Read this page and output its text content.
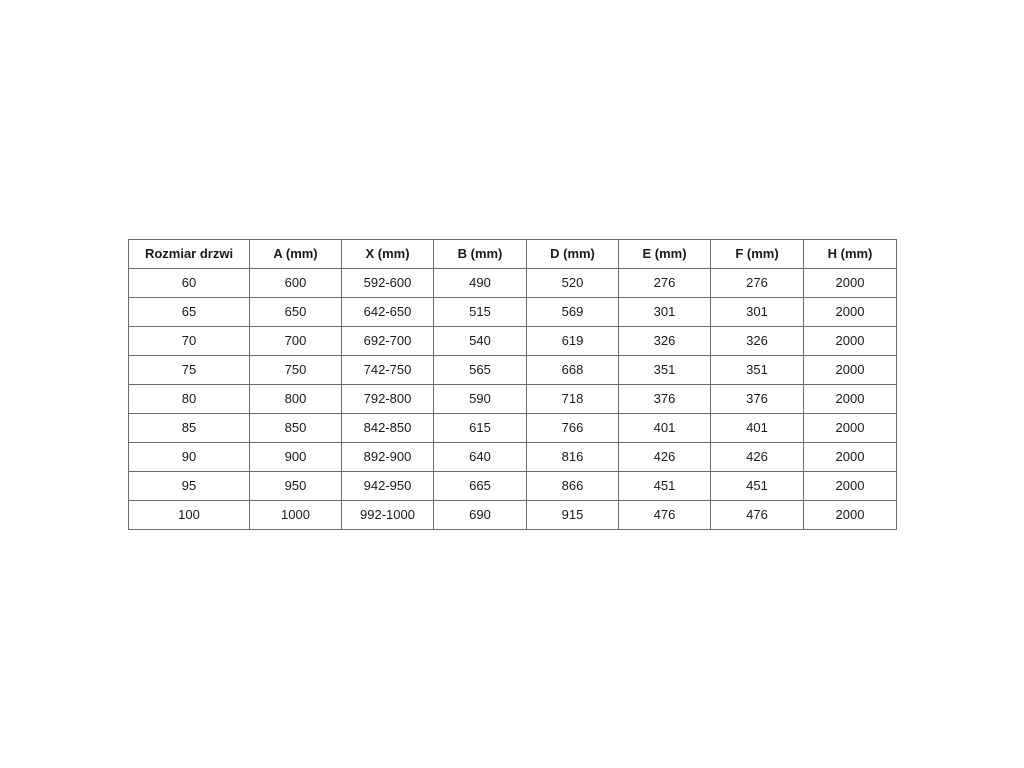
Rozmiar drzwi	A (mm)	X (mm)	B (mm)	D (mm)	E (mm)	F (mm)	H (mm)
60	600	592-600	490	520	276	276	2000
65	650	642-650	515	569	301	301	2000
70	700	692-700	540	619	326	326	2000
75	750	742-750	565	668	351	351	2000
80	800	792-800	590	718	376	376	2000
85	850	842-850	615	766	401	401	2000
90	900	892-900	640	816	426	426	2000
95	950	942-950	665	866	451	451	2000
100	1000	992-1000	690	915	476	476	2000
